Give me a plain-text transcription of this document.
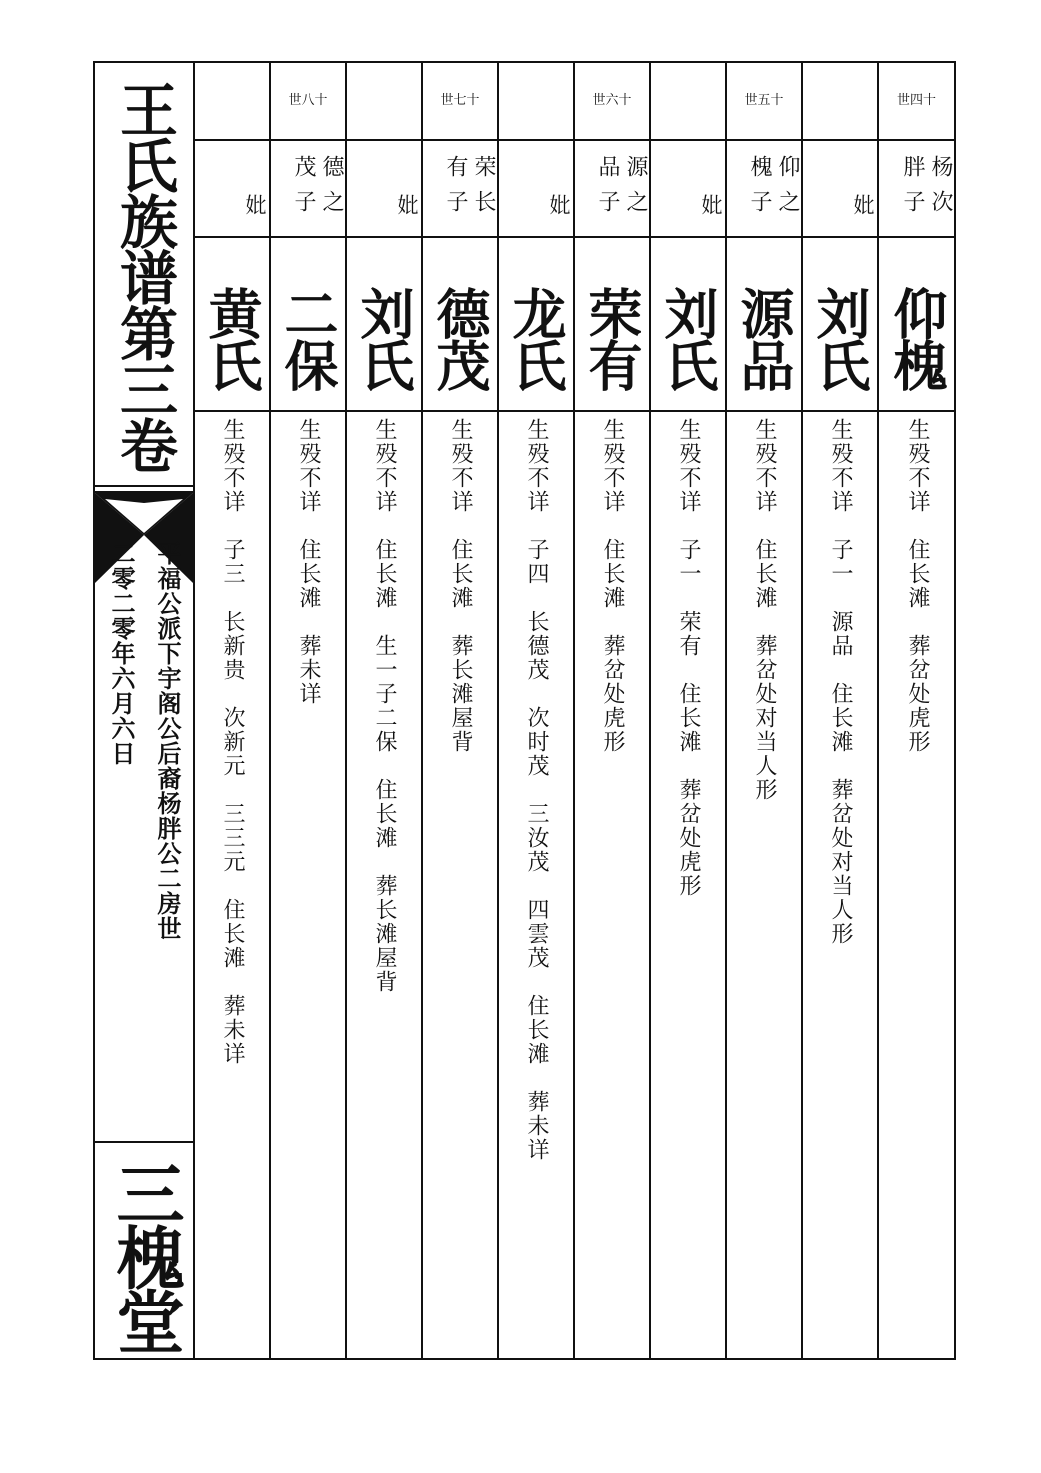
王氏族谱第三卷
平福公派下宇阁公后裔杨胖公二房世
二零二零年六月六日
三槐堂
妣
黄氏
生殁不详　子三　长新贵　次新元　三三元　住长滩　葬未详
世八十
德茂
之子
二保
生殁不详　住长滩　葬未详
妣
刘氏
生殁不详　住长滩　生一子二保　住长滩　葬长滩屋背
世七十
荣有
长子
德茂
生殁不详　住长滩　葬长滩屋背
妣
龙氏
生殁不详　子四　长德茂　次时茂　三汝茂　四雲茂　住长滩　葬未详
世六十
源品
之子
荣有
生殁不详　住长滩　葬岔处虎形
妣
刘氏
生殁不详　子一　荣有　住长滩　葬岔处虎形
世五十
仰槐
之子
源品
生殁不详　住长滩　葬岔处对当人形
妣
刘氏
生殁不详　子一　源品　住长滩　葬岔处对当人形
世四十
杨胖
次子
仰槐
生殁不详　住长滩　葬岔处虎形
